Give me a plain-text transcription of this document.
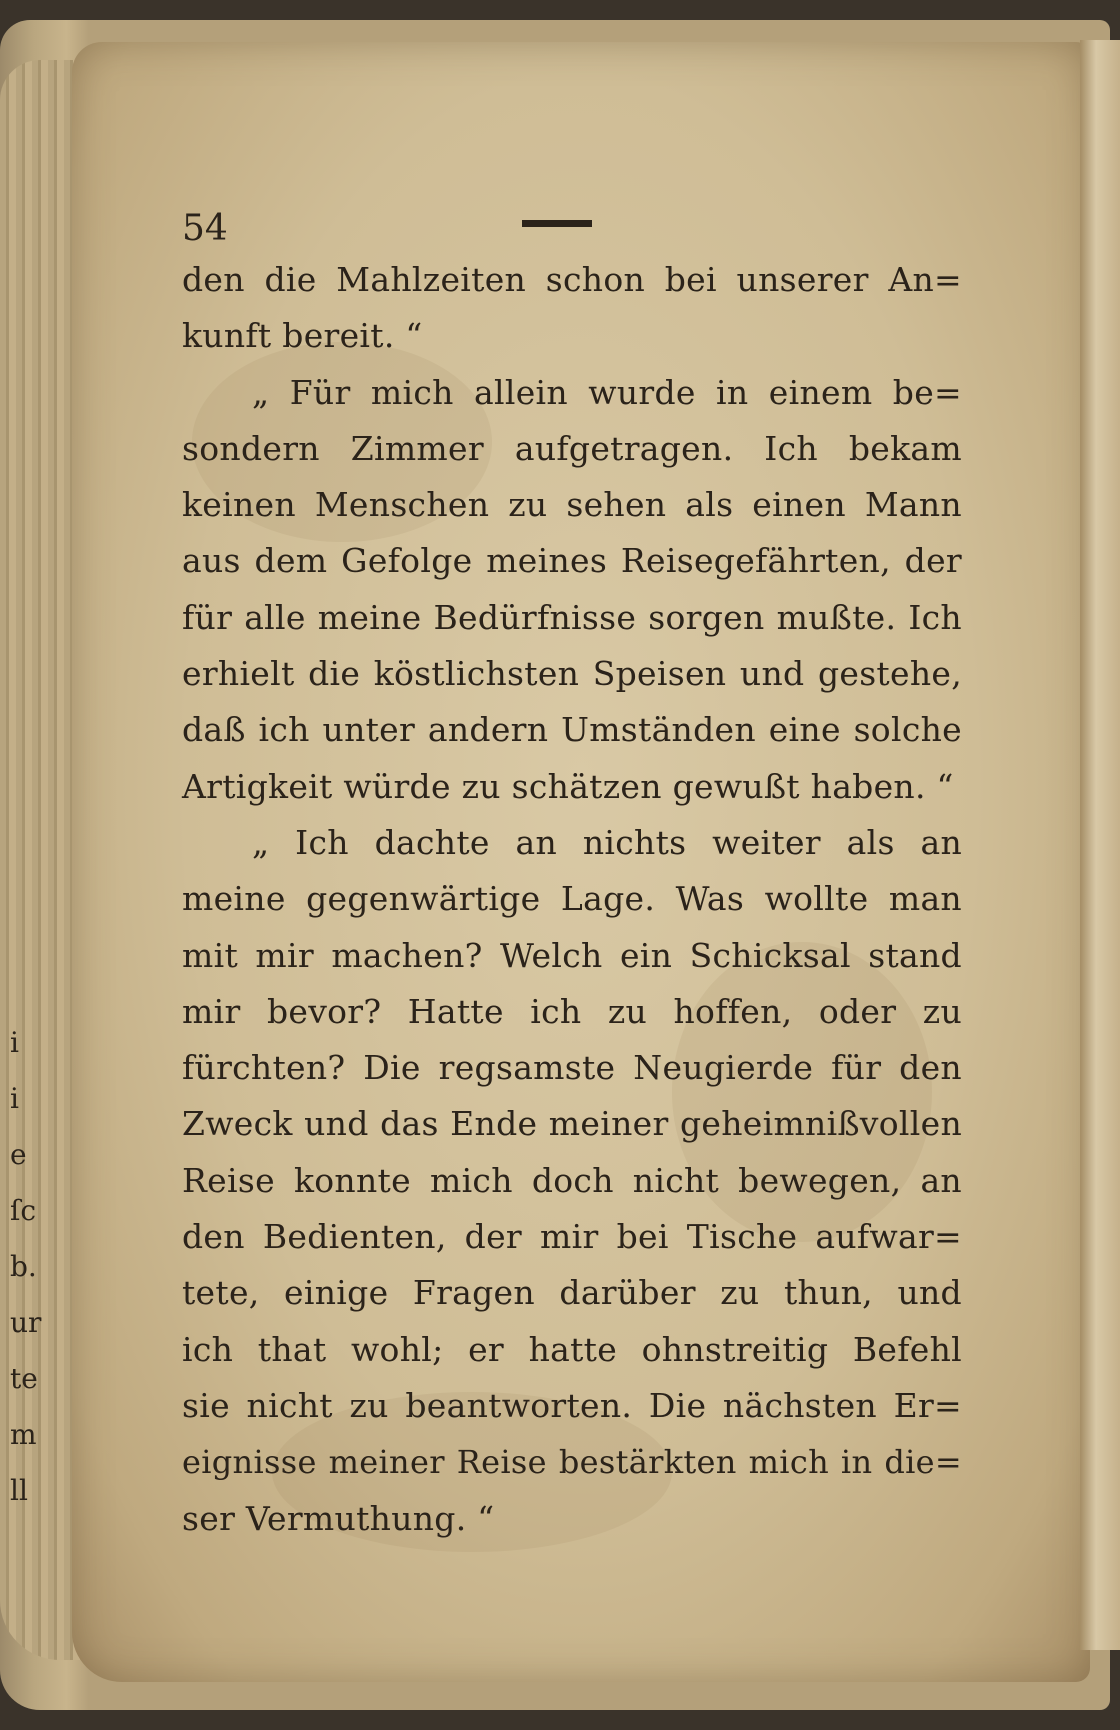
i
i
e
ſc
b.
ur
te
m
ll
54
den die Mahlzeiten schon bei unserer An=
kunft bereit. “
„ Für mich allein wurde in einem be=
sondern Zimmer aufgetragen. Ich bekam
keinen Menschen zu sehen als einen Mann
aus dem Gefolge meines Reisegefährten, der
für alle meine Bedürfnisse sorgen mußte. Ich
erhielt die köstlichsten Speisen und gestehe,
daß ich unter andern Umständen eine solche
Artigkeit würde zu schätzen gewußt haben. “
„ Ich dachte an nichts weiter als an
meine gegenwärtige Lage. Was wollte man
mit mir machen? Welch ein Schicksal stand
mir bevor? Hatte ich zu hoffen, oder zu
fürchten? Die regsamste Neugierde für den
Zweck und das Ende meiner geheimnißvollen
Reise konnte mich doch nicht bewegen, an
den Bedienten, der mir bei Tische aufwar=
tete, einige Fragen darüber zu thun, und
ich that wohl; er hatte ohnstreitig Befehl
sie nicht zu beantworten. Die nächsten Er=
eignisse meiner Reise bestärkten mich in die=
ser Vermuthung. “
